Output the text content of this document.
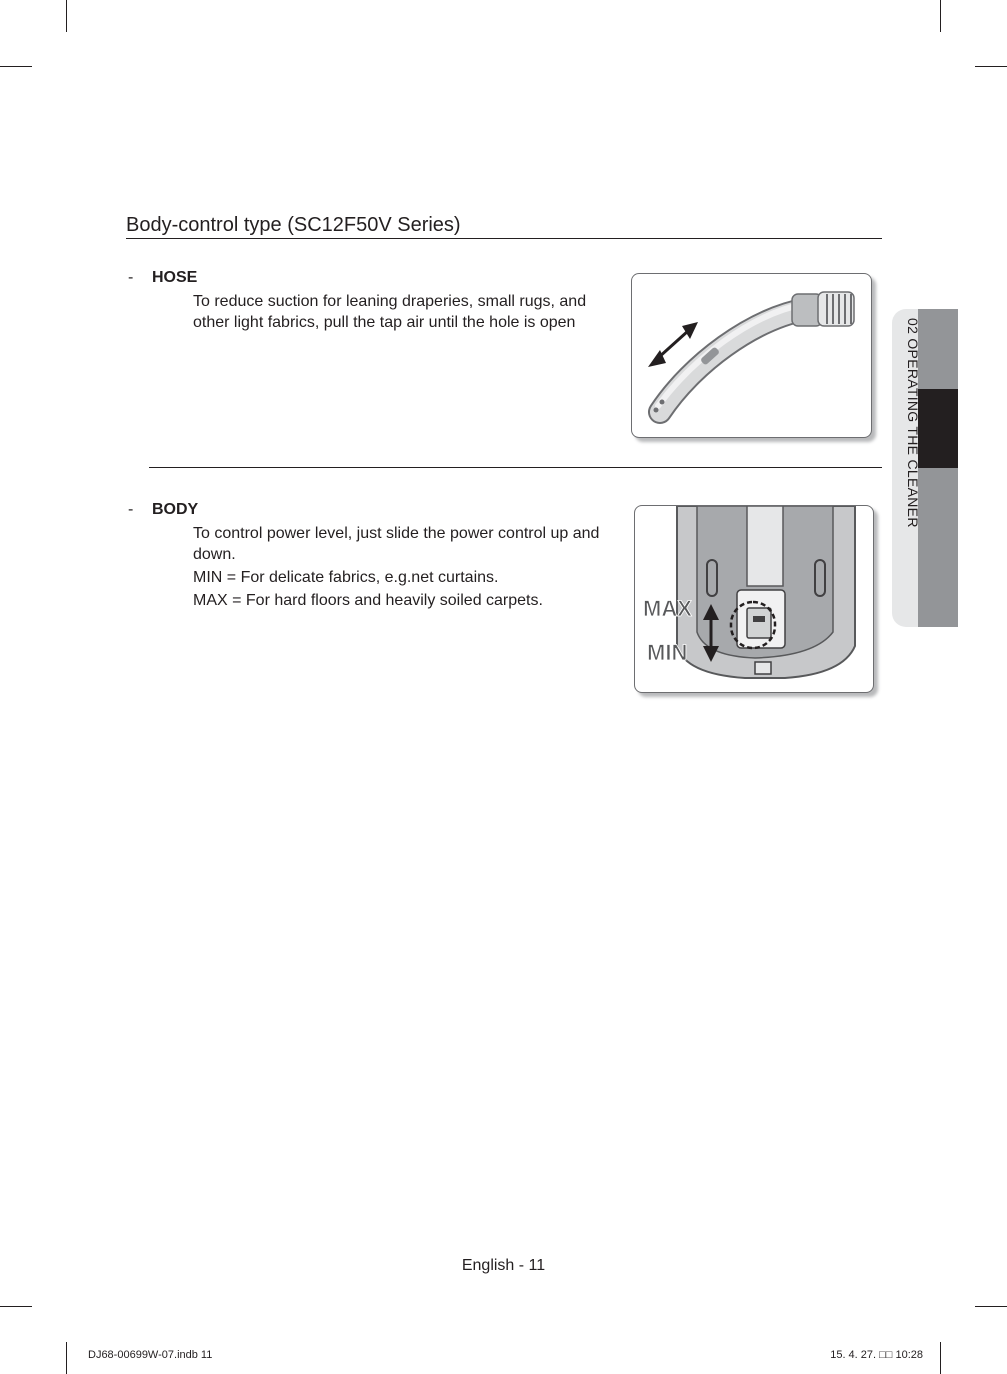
02 OPERATING THE CLEANER
Body-control type (SC12F50V Series)
- HOSE

To reduce suction for leaning draperies, small rugs, and other light fabrics, pull the tap air until the hole is open

- BODY

To control power level, just slide the power control up and down.

MIN = For delicate fabrics, e.g.net curtains.

MAX = For hard floors and heavily soiled carpets.	MAX
MIN
English - 11
DJ68-00699W-07.indb 11	15. 4. 27. □□ 10:28
